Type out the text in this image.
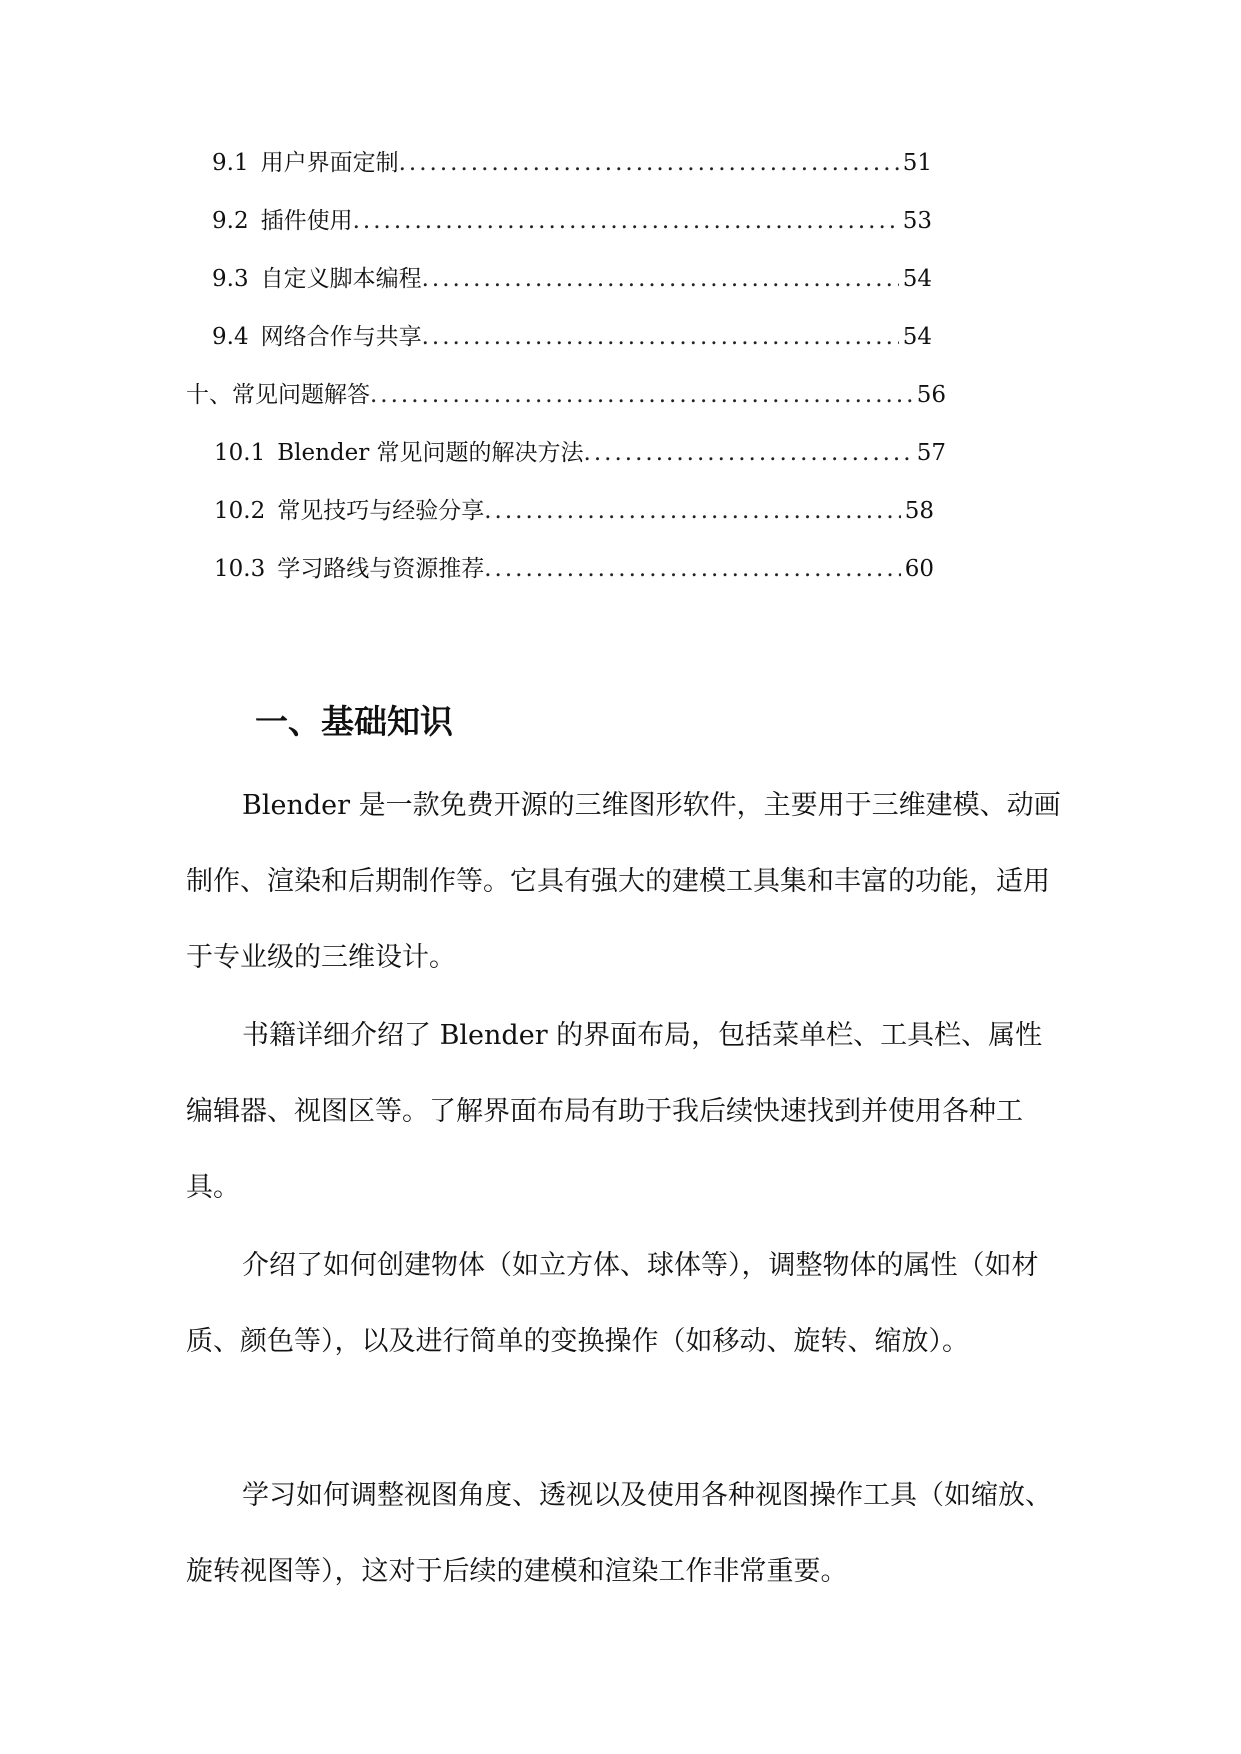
9.1 用户界面定制 .....	51
9.2 插件使用 .....	53
9.3 自定义脚本编程 .....	54
9.4 网络合作与共享 .....	54
十、常见问题解答 .....	56
10.1 Blender 常见问题的解决方法 .....	57
10.2 常见技巧与经验分享 .....	58
10.3 学习路线与资源推荐 .....	60
一、基础知识

Blender 是一款免费开源的三维图形软件，主要用于三维建模、动画制作、渲染和后期制作等。它具有强大的建模工具集和丰富的功能，适用于专业级的三维设计。

书籍详细介绍了 Blender 的界面布局，包括菜单栏、工具栏、属性编辑器、视图区等。了解界面布局有助于我后续快速找到并使用各种工具。

介绍了如何创建物体（如立方体、球体等），调整物体的属性（如材质、颜色等），以及进行简单的变换操作（如移动、旋转、缩放）。

学习如何调整视图角度、透视以及使用各种视图操作工具（如缩放、旋转视图等），这对于后续的建模和渲染工作非常重要。
